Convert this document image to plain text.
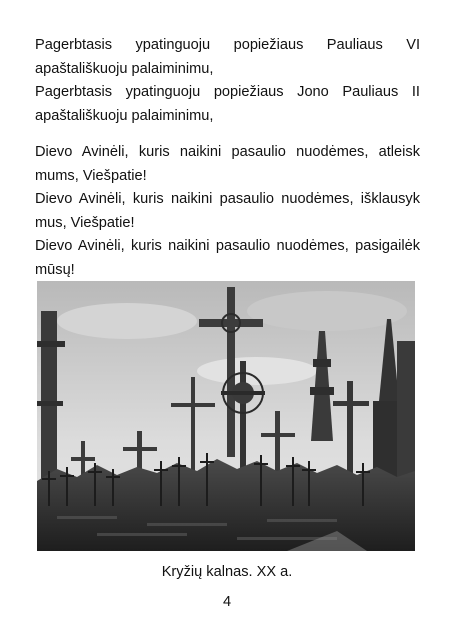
Pagerbtasis ypatinguoju popiežiaus Pauliaus VI apaštališkuoju palaiminimu,

Pagerbtasis ypatinguoju popiežiaus Jono Pauliaus II apaštališkuoju palaiminimu,

Dievo Avinėli, kuris naikini pasaulio nuodėmes, atleisk mums, Viešpatie!

Dievo Avinėli, kuris naikini pasaulio nuodėmes, išklausyk mus, Viešpatie!

Dievo Avinėli, kuris naikini pasaulio nuodėmes, pasigailėk mūsų!

Kryžių kalnas. XX a.
4
